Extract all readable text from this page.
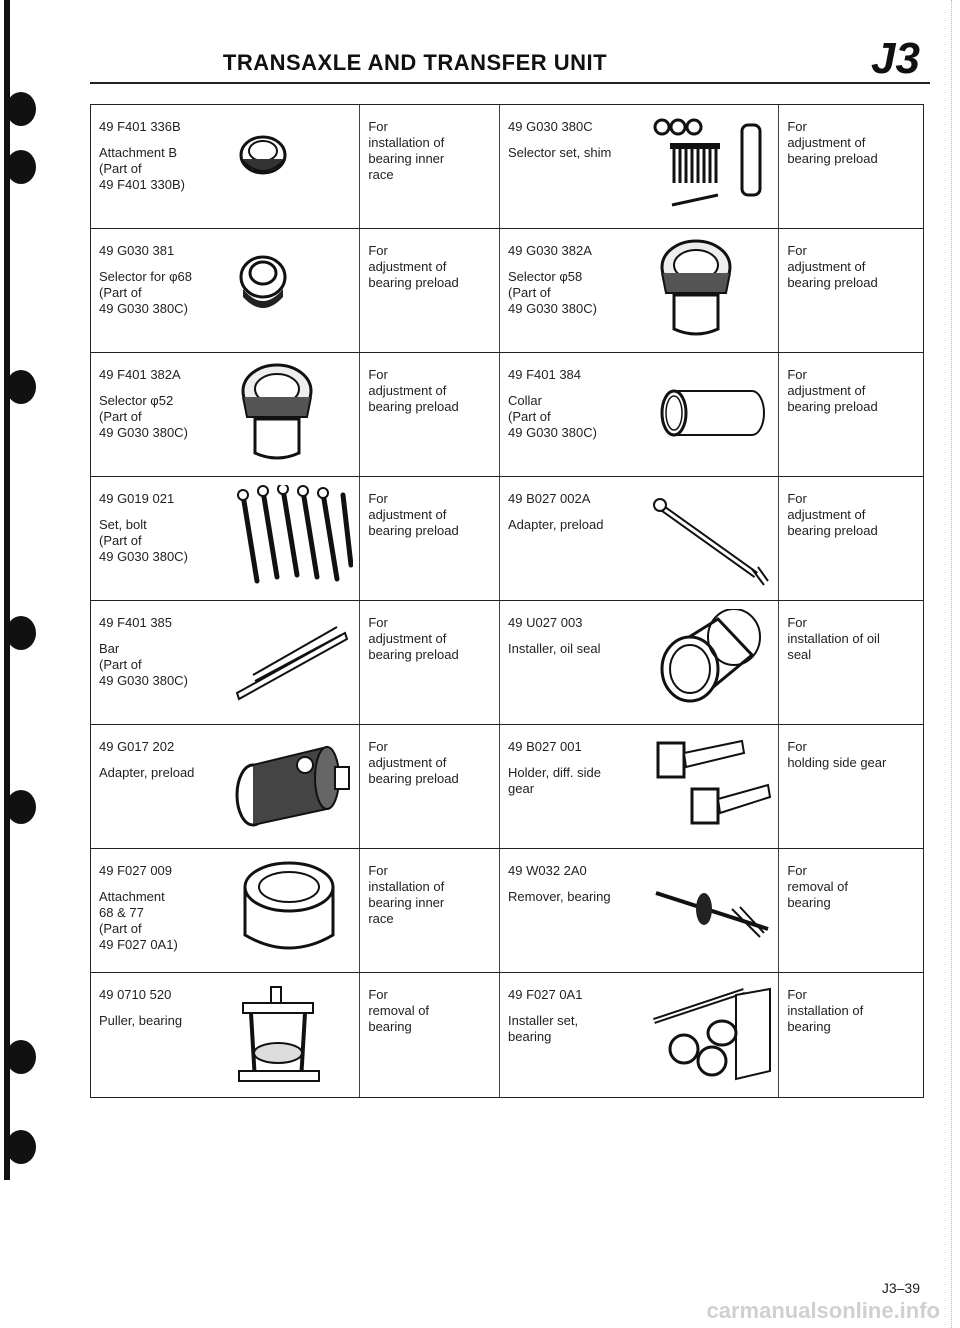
TRANSAXLE AND TRANSFER UNIT	J3
49 F401 336B
Attachment B
(Part of
49 F401 330B)
For
installation of
bearing inner
race
49 G030 380C
Selector set, shim
For
adjustment of
bearing preload
49 G030 381
Selector for φ68
(Part of
49 G030 380C)
For
adjustment of
bearing preload
49 G030 382A
Selector φ58
(Part of
49 G030 380C)
For
adjustment of
bearing preload
49 F401 382A
Selector φ52
(Part of
49 G030 380C)
For
adjustment of
bearing preload
49 F401 384
Collar
(Part of
49 G030 380C)
For
adjustment of
bearing preload
49 G019 021
Set, bolt
(Part of
49 G030 380C)
For
adjustment of
bearing preload
49 B027 002A
Adapter, preload
For
adjustment of
bearing preload
49 F401 385
Bar
(Part of
49 G030 380C)
For
adjustment of
bearing preload
49 U027 003
Installer, oil seal
For
installation of oil
seal
49 G017 202
Adapter, preload
For
adjustment of
bearing preload
49 B027 001
Holder, diff. side
gear
For
holding side gear
49 F027 009
Attachment
68 & 77
(Part of
49 F027 0A1)
For
installation of
bearing inner
race
49 W032 2A0
Remover, bearing
For
removal of
bearing
49 0710 520
Puller, bearing
For
removal of
bearing
49 F027 0A1
Installer set,
bearing
For
installation of
bearing
J3–39
carmanualsonline.info
